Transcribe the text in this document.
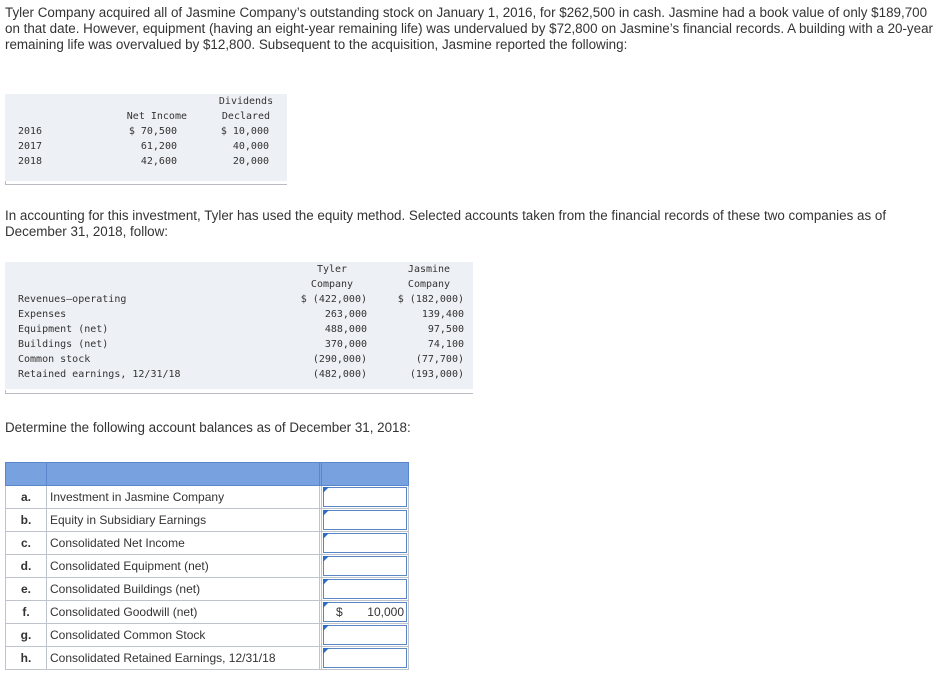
Tyler Company acquired all of Jasmine Company’s outstanding stock on January 1, 2016, for $262,500 in cash. Jasmine had a book value of only $189,700 on that date. However, equipment (having an eight-year remaining life) was undervalued by $72,800 on Jasmine’s financial records. A building with a 20-year remaining life was overvalued by $12,800. Subsequent to the acquisition, Jasmine reported the following:

Net Income
Dividends
Declared
2016	$ 70,500	$ 10,000
2017	61,200	40,000
2018	42,600	20,000
Tyler
Company
Jasmine
Company
Revenues–operating	$ (422,000)	$ (182,000)
Expenses	263,000	139,400
Equipment (net)	488,000	97,500
Buildings (net)	370,000	74,100
Common stock	(290,000)	(77,700)
Retained earnings, 12/31/18	(482,000)	(193,000)

In accounting for this investment, Tyler has used the equity method. Selected accounts taken from the financial records of these two companies as of December 31, 2018, follow:

Determine the following account balances as of December 31, 2018:

a.	Investment in Jasmine Company		

b.	Equity in Subsidiary Earnings		

c.	Consolidated Net Income		

d.	Consolidated Equipment (net)		

e.	Consolidated Buildings (net)		

f.	Consolidated Goodwill (net)		$ 10,000

g.	Consolidated Common Stock		

h.	Consolidated Retained Earnings, 12/31/18		
